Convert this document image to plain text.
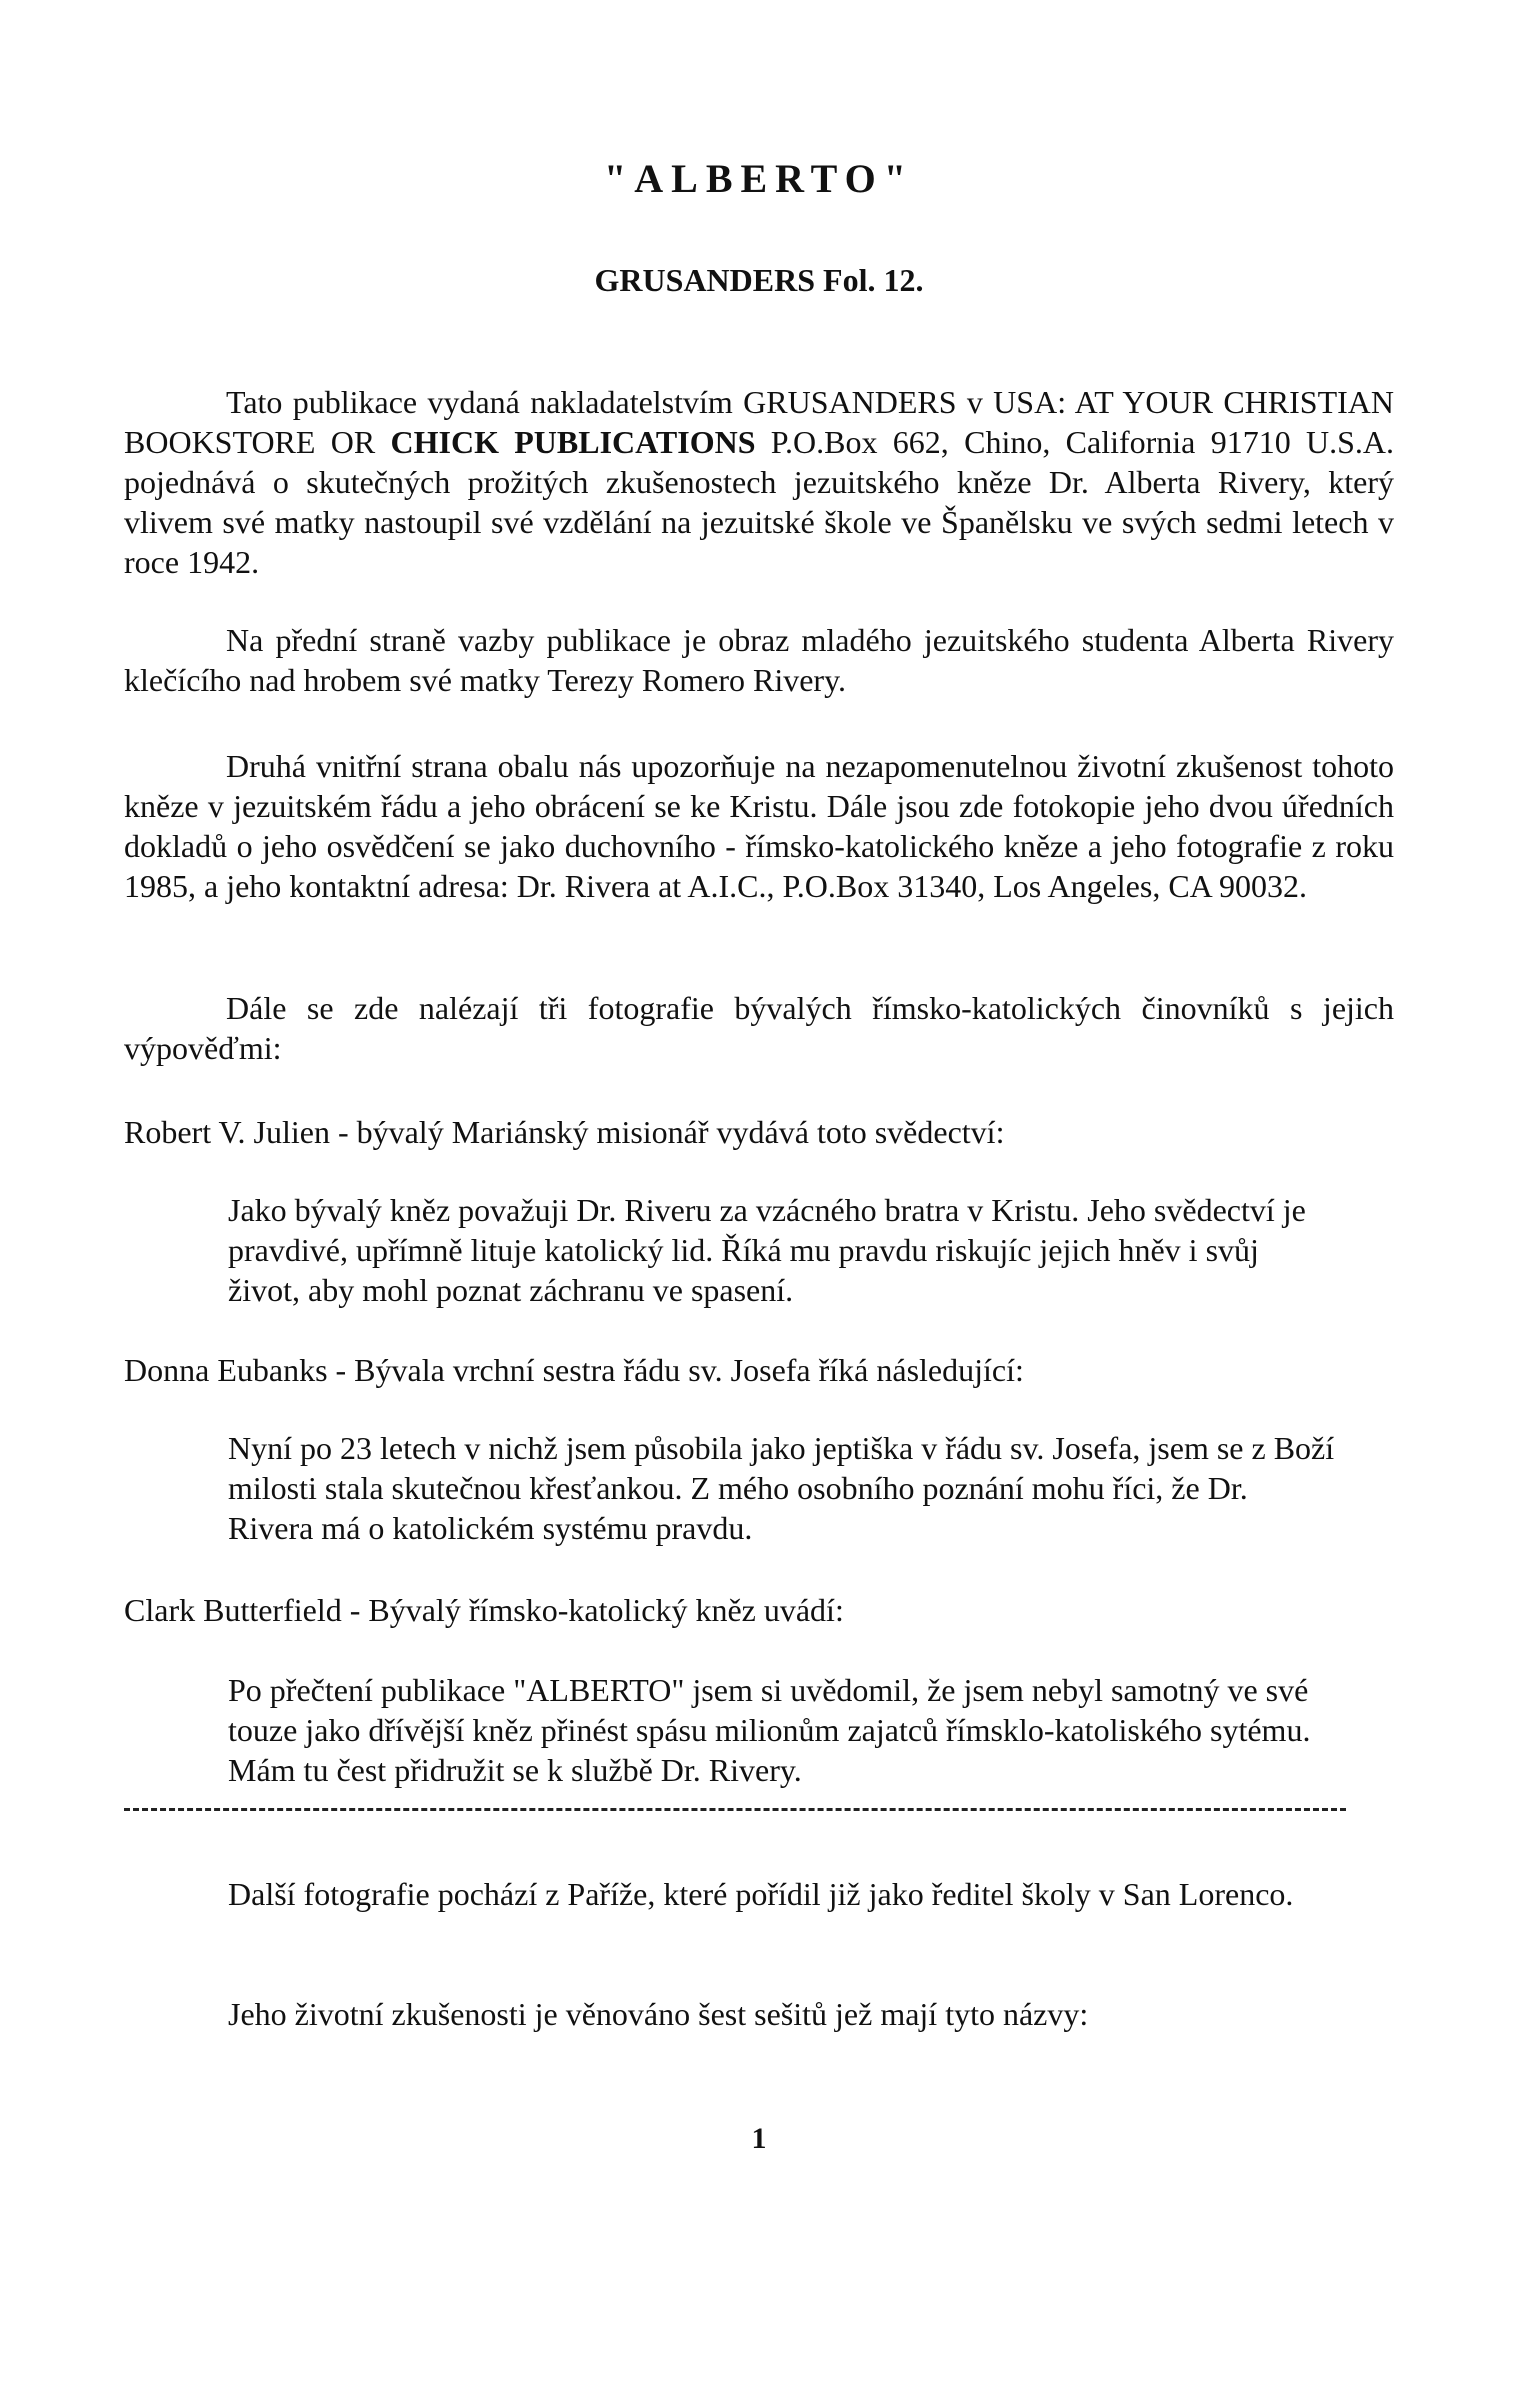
"ALBERTO"
GRUSANDERS Fol. 12.
Tato publikace vydaná nakladatelstvím GRUSANDERS v USA: AT YOUR CHRISTIAN BOOKSTORE OR CHICK PUBLICATIONS P.O.Box 662, Chino, California 91710 U.S.A. pojednává o skutečných prožitých zkušenostech jezuitského kněze Dr. Alberta Rivery, který vlivem své matky nastoupil své vzdělání na jezuitské škole ve Španělsku ve svých sedmi letech v roce 1942.
Na přední straně vazby publikace je obraz mladého jezuitského studenta Alberta Rivery klečícího nad hrobem své matky Terezy Romero Rivery.
Druhá vnitřní strana obalu nás upozorňuje na nezapomenutelnou životní zkušenost tohoto kněze v jezuitském řádu a jeho obrácení se ke Kristu. Dále jsou zde fotokopie jeho dvou úředních dokladů o jeho osvědčení se jako duchovního - římsko-katolického kněze a jeho fotografie z roku 1985, a jeho kontaktní adresa: Dr. Rivera at A.I.C., P.O.Box 31340, Los Angeles, CA 90032.
Dále se zde nalézají tři fotografie bývalých římsko-katolických činovníků s jejich výpověďmi:
Robert V. Julien - bývalý Mariánský misionář vydává toto svědectví:
Jako bývalý kněz považuji Dr. Riveru za vzácného bratra v Kristu. Jeho svědectví je pravdivé, upřímně lituje katolický lid. Říká mu pravdu riskujíc jejich hněv i svůj život, aby mohl poznat záchranu ve spasení.
Donna Eubanks - Bývala vrchní sestra řádu sv. Josefa říká následující:
Nyní po 23 letech v nichž jsem působila jako jeptiška v řádu sv. Josefa, jsem se z Boží milosti stala skutečnou křesťankou. Z mého osobního poznání mohu říci, že Dr. Rivera má o katolickém systému pravdu.
Clark Butterfield - Bývalý římsko-katolický kněz uvádí:
Po přečtení publikace "ALBERTO" jsem si uvědomil, že jsem nebyl samotný ve své touze jako dřívější kněz přinést spásu milionům zajatců římsklo-katoliského sytému. Mám tu čest přidružit se k službě Dr. Rivery.
Další fotografie pochází z Paříže, které pořídil již jako ředitel školy v San Lorenco.
Jeho životní zkušenosti je věnováno šest sešitů jež mají tyto názvy:
1
